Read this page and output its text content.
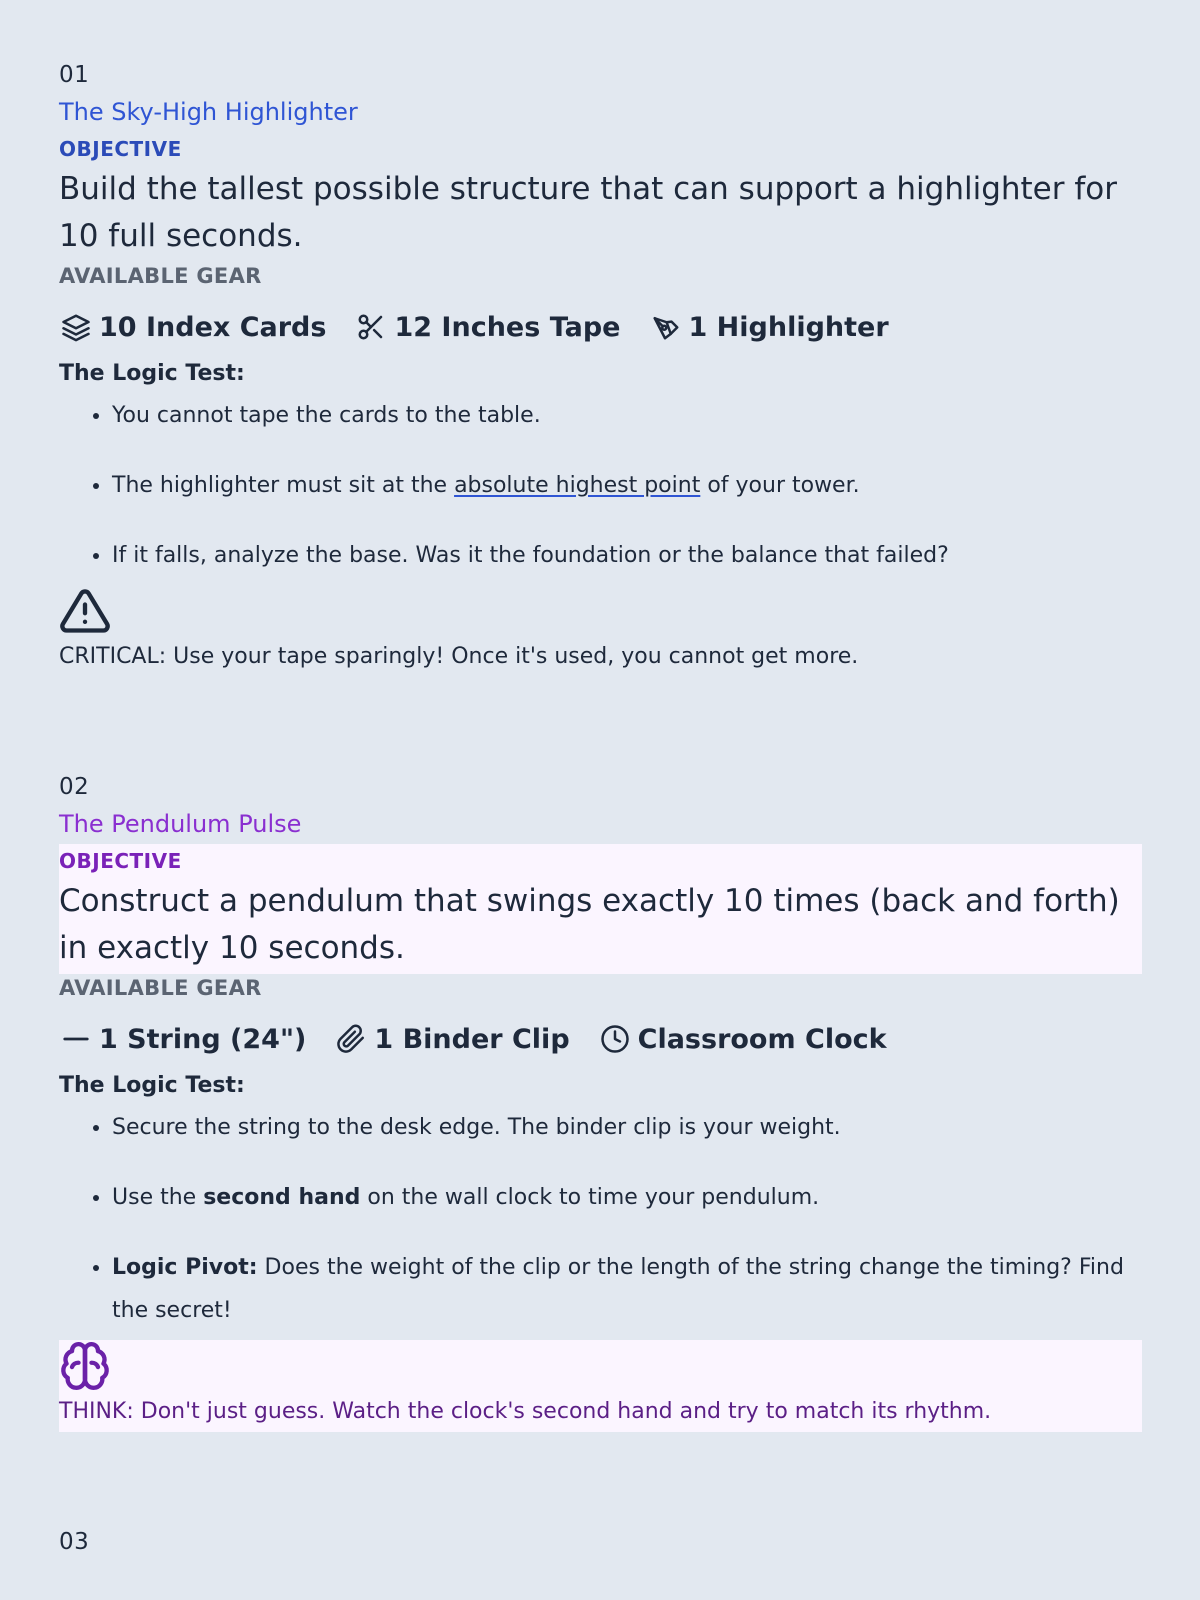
01
The Sky-High Highlighter
OBJECTIVE

Build the tallest possible structure that can support a highlighter for 10 full seconds.

AVAILABLE GEAR
10 Index Cards	12 Inches Tape	1 Highlighter
The Logic Test:
• You cannot tape the cards to the table.
• The highlighter must sit at the absolute highest point of your tower.
• If it falls, analyze the base. Was it the foundation or the balance that failed?
CRITICAL: Use your tape sparingly! Once it's used, you cannot get more.
02
The Pendulum Pulse
OBJECTIVE

Construct a pendulum that swings exactly 10 times (back and forth) in exactly 10 seconds.

AVAILABLE GEAR
1 String (24")	1 Binder Clip	Classroom Clock
The Logic Test:
• Secure the string to the desk edge. The binder clip is your weight.
• Use the second hand on the wall clock to time your pendulum.
• Logic Pivot: Does the weight of the clip or the length of the string change the timing? Find the secret!
THINK: Don't just guess. Watch the clock's second hand and try to match its rhythm.
03
